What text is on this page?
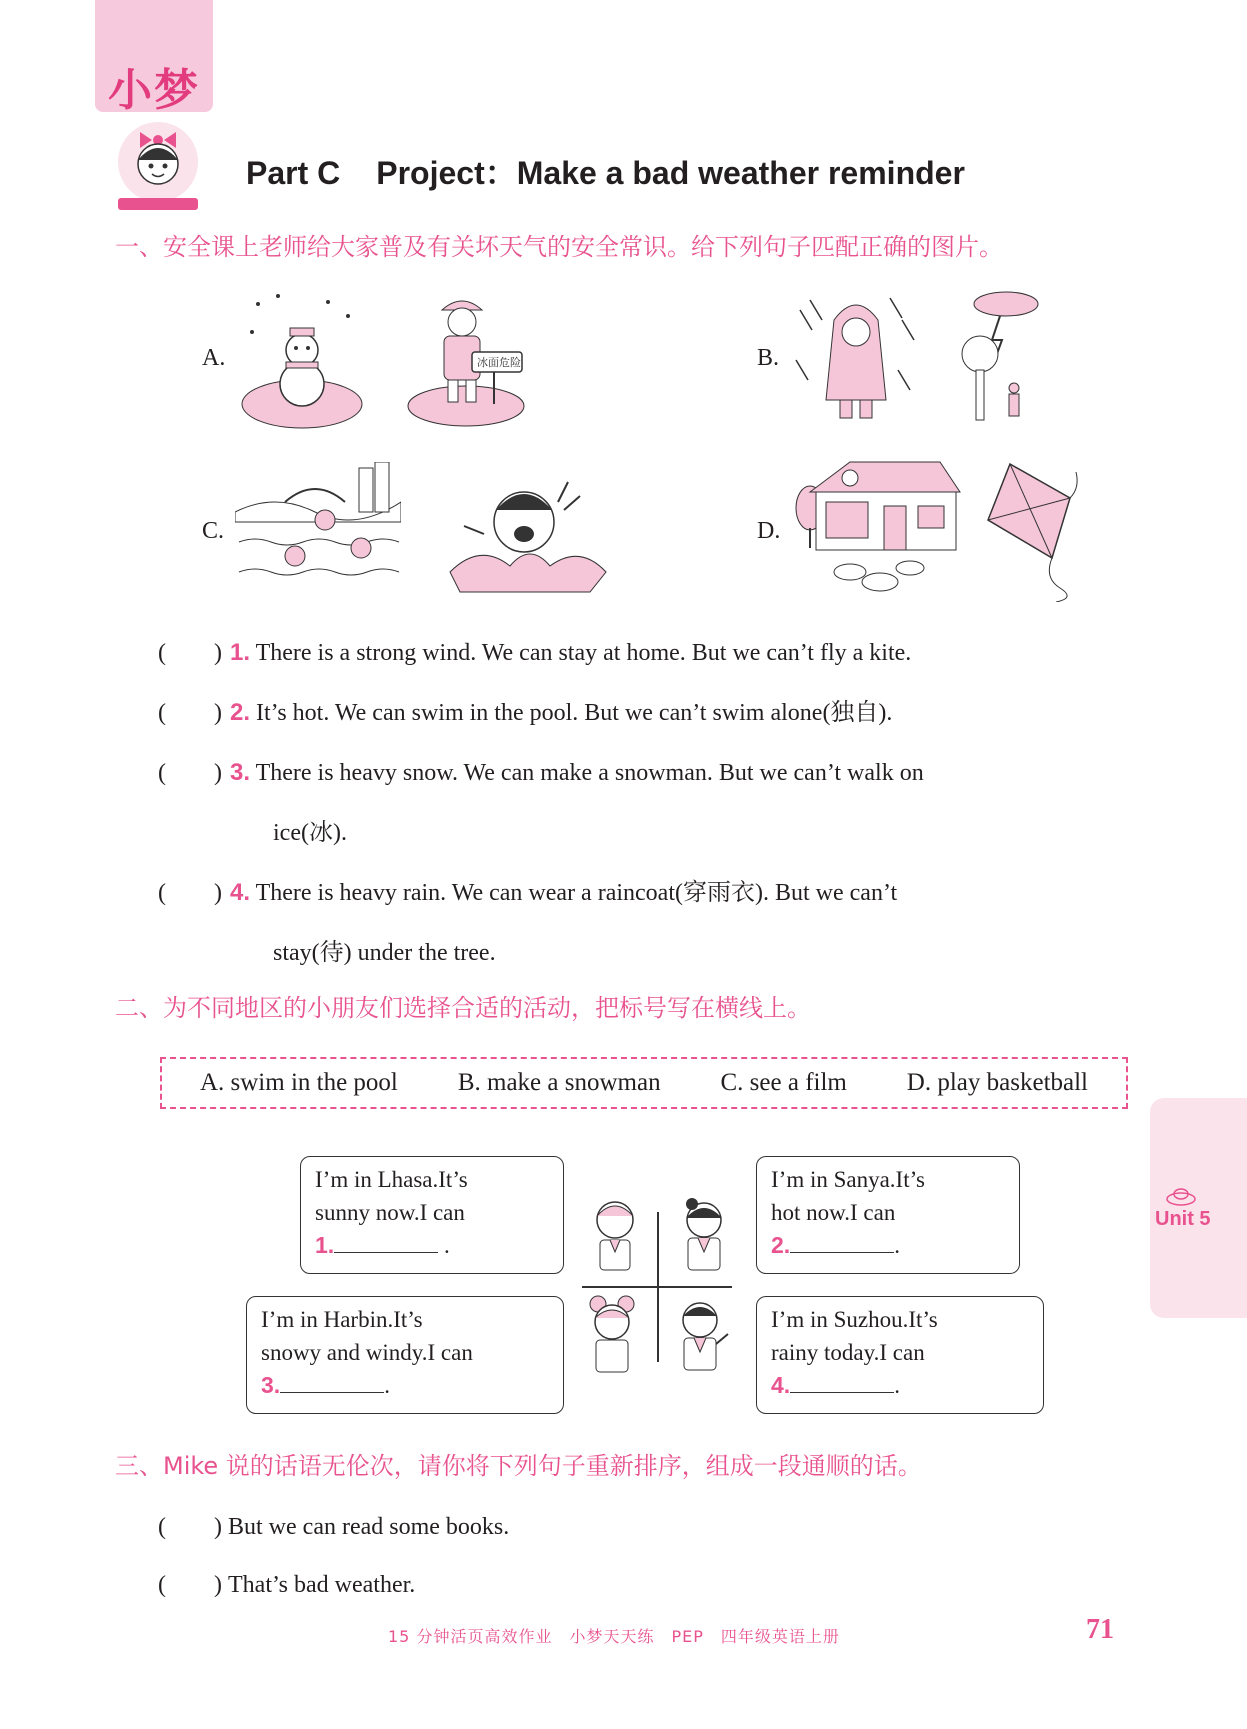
小梦
Part C Project：Make a bad weather reminder
一、安全课上老师给大家普及有关坏天气的安全常识。给下列句子匹配正确的图片。
A.	冰面危险	B.
C.	D.
(　　) 1. There is a strong wind. We can stay at home. But we can’t fly a kite.
(　　) 2. It’s hot. We can swim in the pool. But we can’t swim alone(独自).
(　　) 3. There is heavy snow. We can make a snowman. But we can’t walk on
ice(冰).
(　　) 4. There is heavy rain. We can wear a raincoat(穿雨衣). But we can’t
stay(待) under the tree.
二、为不同地区的小朋友们选择合适的活动，把标号写在横线上。
A. swim in the pool B. make a snowman C. see a film D. play basketball
I’m in Lhasa.It’s
sunny now.I can
1.	.
I’m in Sanya.It’s
hot now.I can
2.	.
I’m in Harbin.It’s
snowy and windy.I can
3.	.
I’m in Suzhou.It’s
rainy today.I can
4.	.
三、Mike 说的话语无伦次，请你将下列句子重新排序，组成一段通顺的话。
(　　) But we can read some books.
(　　) That’s bad weather.
Unit 5
15 分钟活页高效作业　小梦天天练　PEP　四年级英语上册	71
